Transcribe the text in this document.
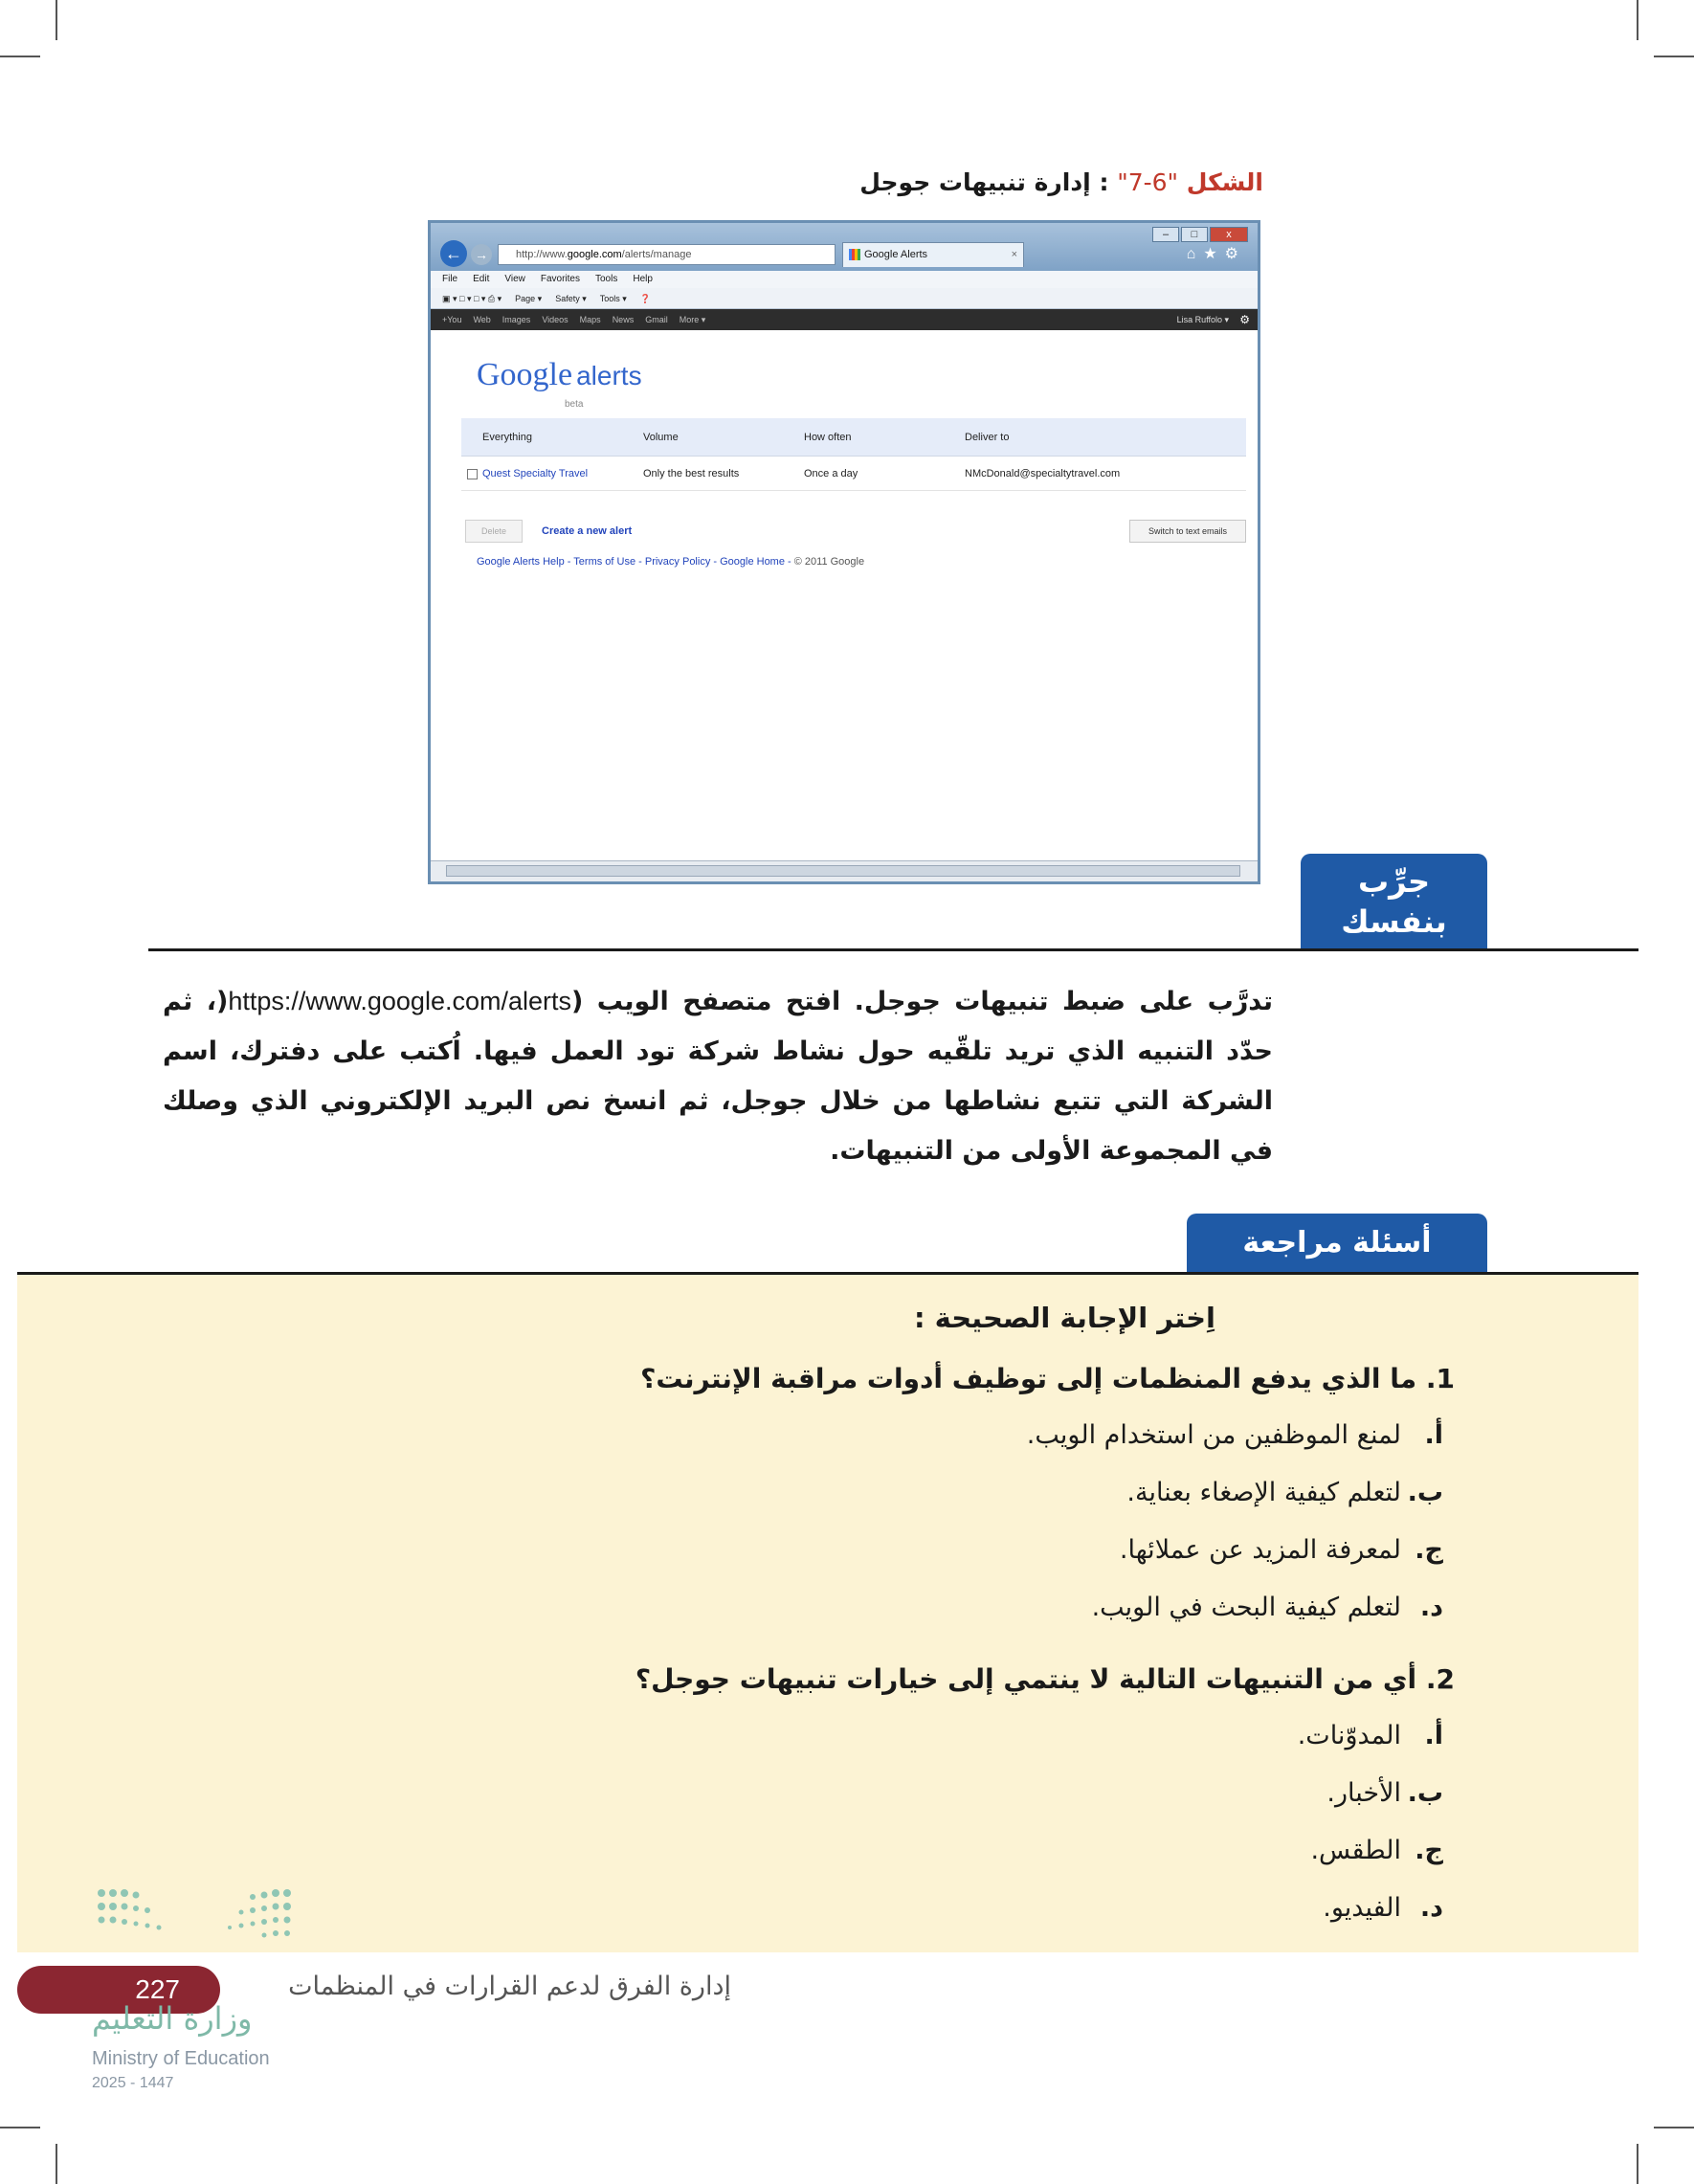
الشكل "6-7" : إدارة تنبيهات جوجل
–	□	x
← →	http://www.google.com/alerts/manage	Google Alerts	×	⌂★⚙
File Edit View Favorites Tools Help
▣ ▾ □ ▾ □ ▾ ⎙ ▾ Page ▾ Safety ▾ Tools ▾ ❓
+You Web Images Videos Maps News Gmail More ▾	Lisa Ruffolo ▾ ⚙
Google alerts
beta
Everything	Volume	How often	Deliver to
Quest Specialty Travel	Only the best results	Once a day	NMcDonald@specialtytravel.com
Delete	Create a new alert	Switch to text emails
Google Alerts Help - Terms of Use - Privacy Policy - Google Home - © 2011 Google
جرِّب
بنفسك
تدرَّب على ضبط تنبيهات جوجل. افتح متصفح الويب (https://www.google.com/alerts(، ثم حدّد التنبيه الذي تريد تلقّيه حول نشاط شركة تود العمل فيها. اُكتب على دفترك، اسم الشركة التي تتبع نشاطها من خلال جوجل، ثم انسخ نص البريد الإلكتروني الذي وصلك في المجموعة الأولى من التنبيهات.
أسئلة مراجعة
اِختر الإجابة الصحيحة :
1. ما الذي يدفع المنظمات إلى توظيف أدوات مراقبة الإنترنت؟
أ.لمنع الموظفين من استخدام الويب.
ب.لتعلم كيفية الإصغاء بعناية.
ج.لمعرفة المزيد عن عملائها.
د.لتعلم كيفية البحث في الويب.
2. أي من التنبيهات التالية لا ينتمي إلى خيارات تنبيهات جوجل؟
أ.المدوّنات.
ب.الأخبار.
ج.الطقس.
د.الفيديو.
227	إدارة الفرق لدعم القرارات في المنظمات
وزارة التعليم
Ministry of Education
2025 - 1447
